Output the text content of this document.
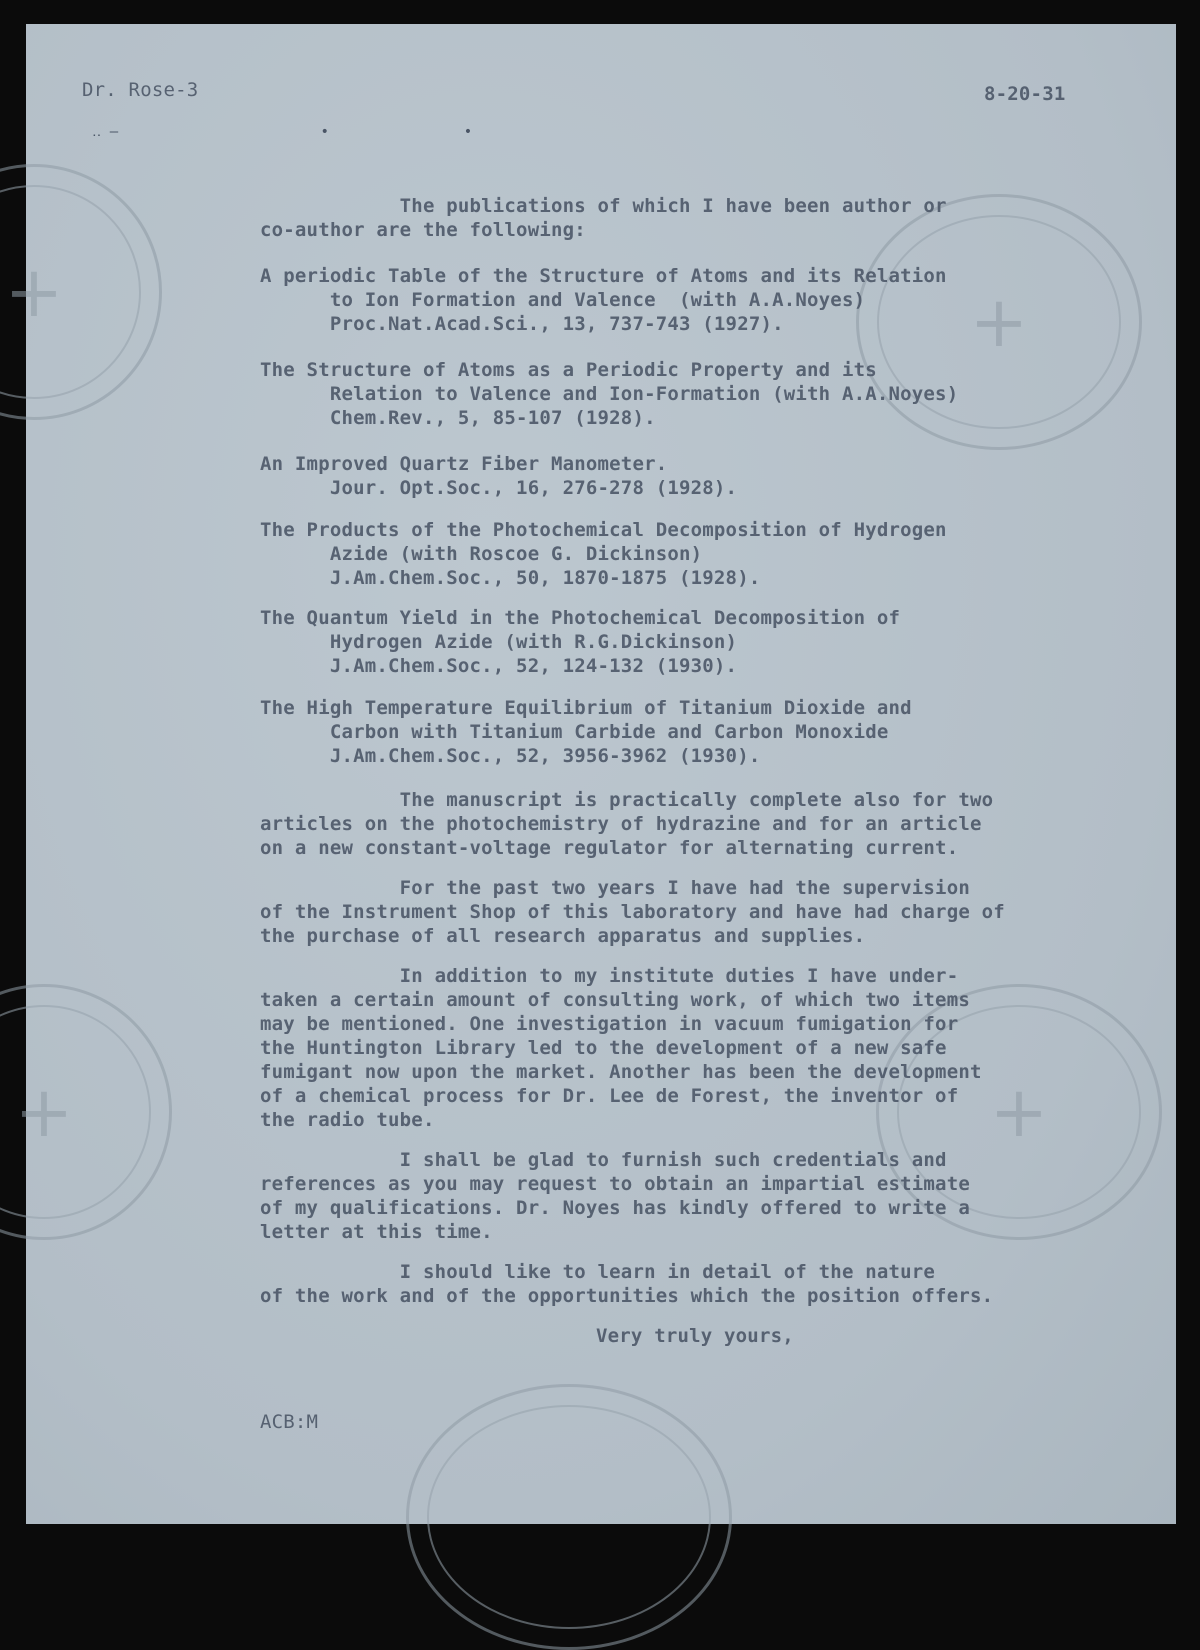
+	+
+	+
․․ —                        •                •
Dr. Rose-3	8-20-31
The publications of which I have been author or
co-author are the following:
A periodic Table of the Structure of Atoms and its Relation
to Ion Formation and Valence  (with A.A.Noyes)
Proc.Nat.Acad.Sci., 13, 737-743 (1927).
The Structure of Atoms as a Periodic Property and its
Relation to Valence and Ion-Formation (with A.A.Noyes)
Chem.Rev., 5, 85-107 (1928).
An Improved Quartz Fiber Manometer.
Jour. Opt.Soc., 16, 276-278 (1928).
The Products of the Photochemical Decomposition of Hydrogen
Azide (with Roscoe G. Dickinson)
J.Am.Chem.Soc., 50, 1870-1875 (1928).
The Quantum Yield in the Photochemical Decomposition of
Hydrogen Azide (with R.G.Dickinson)
J.Am.Chem.Soc., 52, 124-132 (1930).
The High Temperature Equilibrium of Titanium Dioxide and
Carbon with Titanium Carbide and Carbon Monoxide
J.Am.Chem.Soc., 52, 3956-3962 (1930).
The manuscript is practically complete also for two
articles on the photochemistry of hydrazine and for an article
on a new constant-voltage regulator for alternating current.
For the past two years I have had the supervision
of the Instrument Shop of this laboratory and have had charge of
the purchase of all research apparatus and supplies.
In addition to my institute duties I have under-
taken a certain amount of consulting work, of which two items
may be mentioned. One investigation in vacuum fumigation for
the Huntington Library led to the development of a new safe
fumigant now upon the market. Another has been the development
of a chemical process for Dr. Lee de Forest, the inventor of
the radio tube.
I shall be glad to furnish such credentials and
references as you may request to obtain an impartial estimate
of my qualifications. Dr. Noyes has kindly offered to write a
letter at this time.
I should like to learn in detail of the nature
of the work and of the opportunities which the position offers.
Very truly yours,
ACB:M
